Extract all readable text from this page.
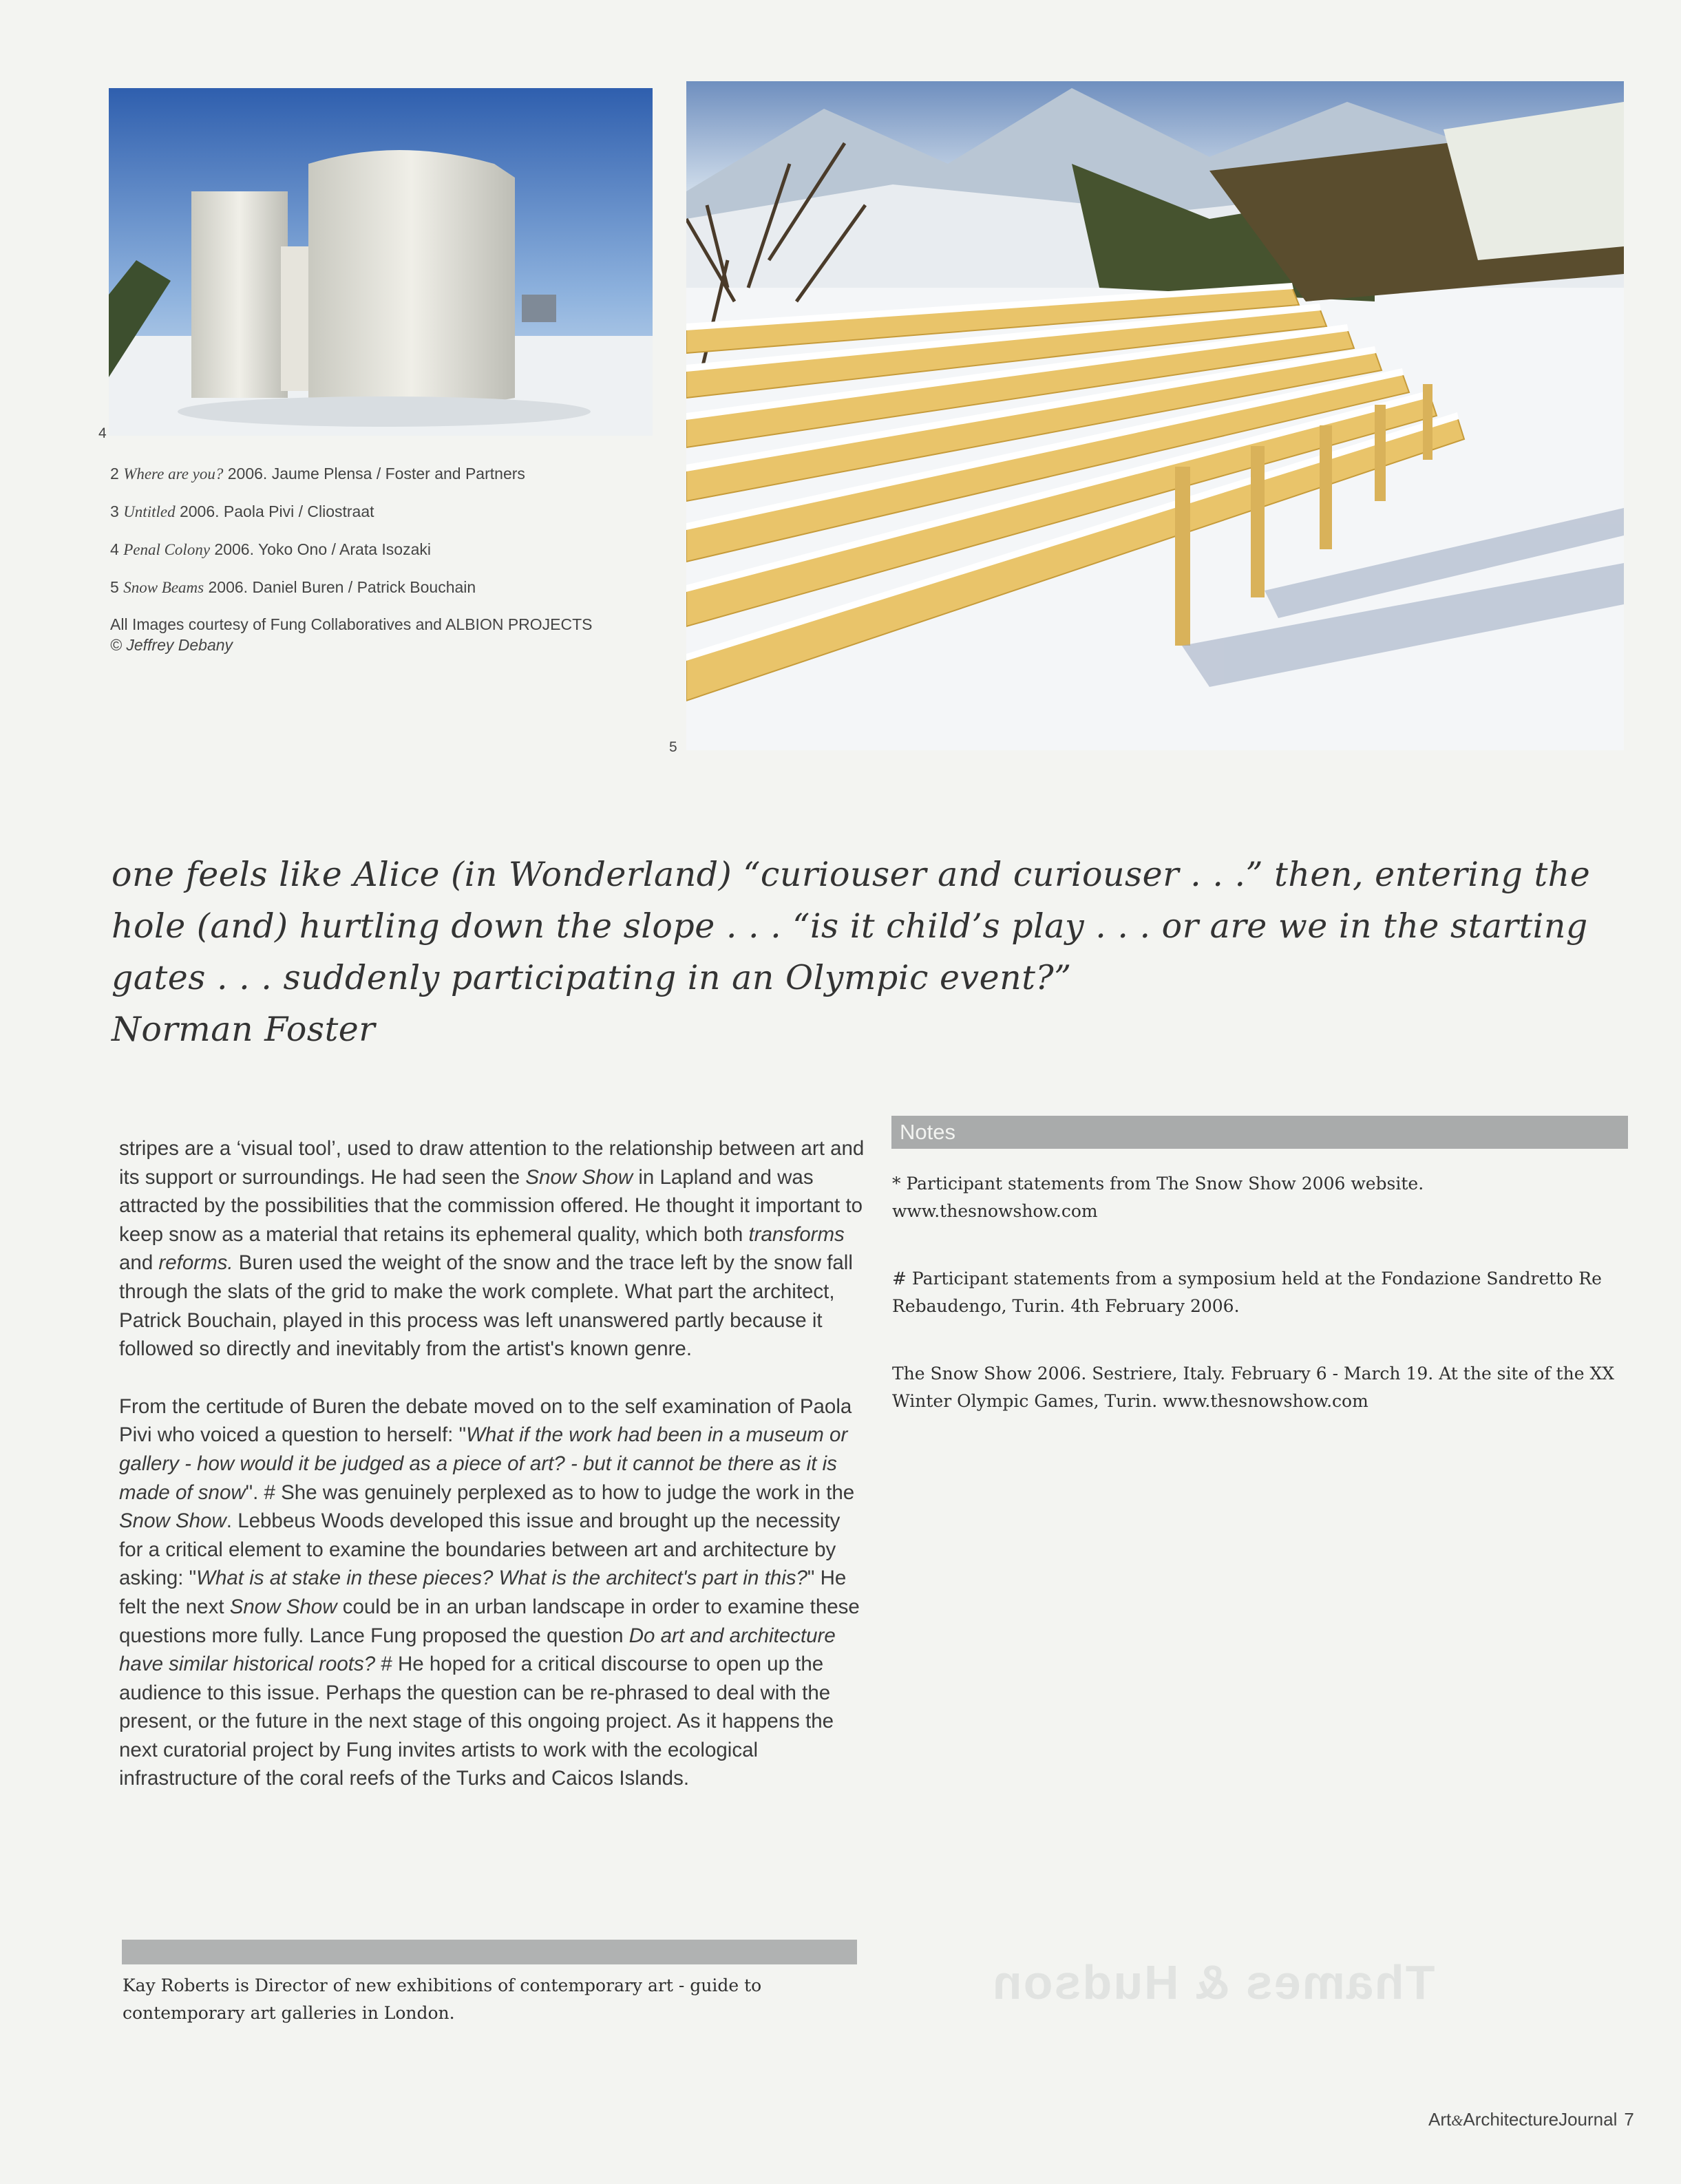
4
5
2 Where are you? 2006. Jaume Plensa / Foster and Partners
3 Untitled 2006. Paola Pivi / Cliostraat
4 Penal Colony 2006. Yoko Ono / Arata Isozaki
5 Snow Beams 2006. Daniel Buren / Patrick Bouchain
All Images courtesy of Fung Collaboratives and ALBION PROJECTS
© Jeffrey Debany
one feels like Alice (in Wonderland) “curiouser and curiouser . . .” then, entering the hole (and) hurtling down the slope . . . “is it child’s play . . . or are we in the starting gates . . . suddenly participating in an Olympic event?”
Norman Foster

stripes are a ‘visual tool’, used to draw attention to the relationship between art and its support or surroundings. He had seen the Snow Show in Lapland and was attracted by the possibilities that the commission offered. He thought it important to keep snow as a material that retains its ephemeral quality, which both transforms and reforms. Buren used the weight of the snow and the trace left by the snow fall through the slats of the grid to make the work complete. What part the architect, Patrick Bouchain, played in this process was left unanswered partly because it followed so directly and inevitably from the artist's known genre.

From the certitude of Buren the debate moved on to the self examination of Paola Pivi who voiced a question to herself: "What if the work had been in a museum or gallery - how would it be judged as a piece of art? - but it cannot be there as it is made of snow". # She was genuinely perplexed as to how to judge the work in the Snow Show. Lebbeus Woods developed this issue and brought up the necessity for a critical element to examine the boundaries between art and architecture by asking: "What is at stake in these pieces? What is the architect's part in this?" He felt the next Snow Show could be in an urban landscape in order to examine these questions more fully. Lance Fung proposed the question Do art and architecture have similar historical roots? # He hoped for a critical discourse to open up the audience to this issue. Perhaps the question can be re-phrased to deal with the present, or the future in the next stage of this ongoing project. As it happens the next curatorial project by Fung invites artists to work with the ecological infrastructure of the coral reefs of the Turks and Caicos Islands.

Notes
* Participant statements from The Snow Show 2006 website. www.thesnowshow.com
# Participant statements from a symposium held at the Fondazione Sandretto Re Rebaudengo, Turin. 4th February 2006.
The Snow Show 2006. Sestriere, Italy. February 6 - March 19. At the site of the XX Winter Olympic Games, Turin. www.thesnowshow.com
Kay Roberts is Director of new exhibitions of contemporary art - guide to contemporary art galleries in London.
Thames & Hudson
Art&ArchitectureJournal 7
